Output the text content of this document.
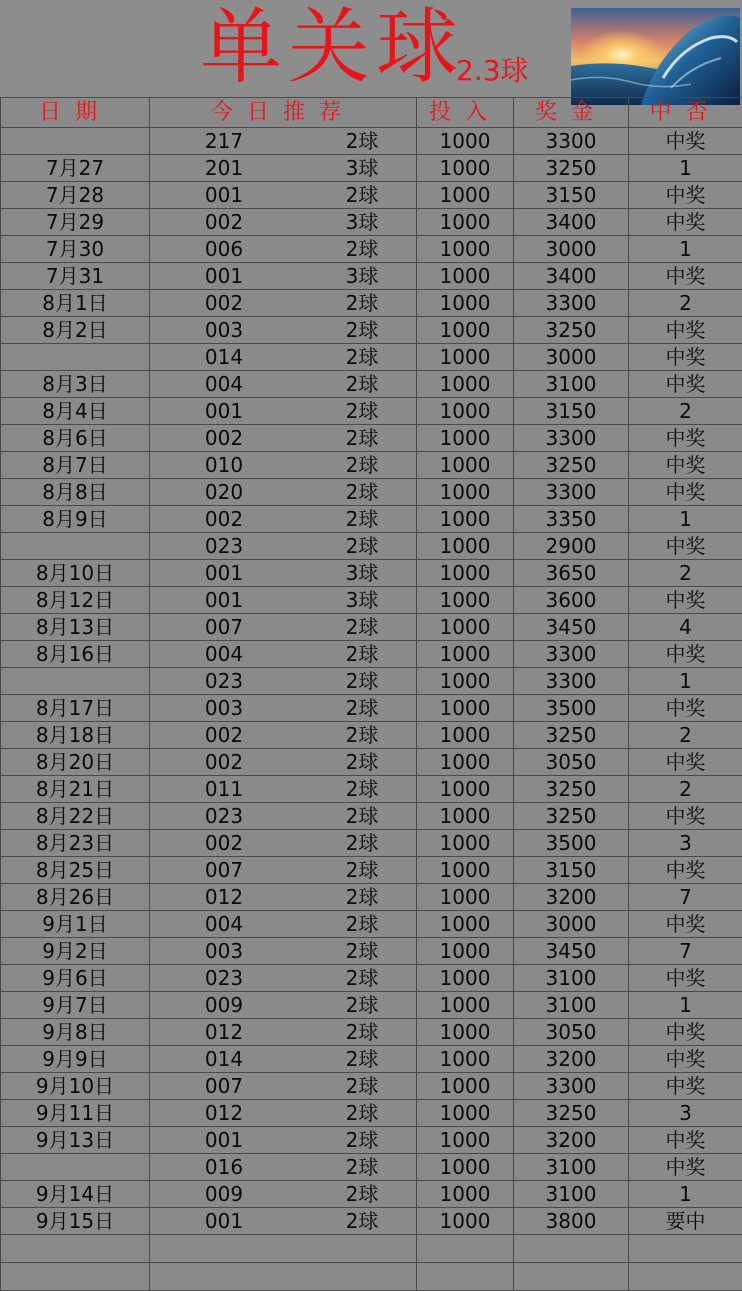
单关球
2.3球
日期	今日推荐	投入	奖金	中否

	217 2球	1000	3300	中奖
7月27	201 3球	1000	3250	1
7月28	001 2球	1000	3150	中奖
7月29	002 3球	1000	3400	中奖
7月30	006 2球	1000	3000	1
7月31	001 3球	1000	3400	中奖
8月1日	002 2球	1000	3300	2
8月2日	003 2球	1000	3250	中奖

	014 2球	1000	3000	中奖
8月3日	004 2球	1000	3100	中奖
8月4日	001 2球	1000	3150	2
8月6日	002 2球	1000	3300	中奖
8月7日	010 2球	1000	3250	中奖
8月8日	020 2球	1000	3300	中奖
8月9日	002 2球	1000	3350	1

	023 2球	1000	2900	中奖
8月10日	001 3球	1000	3650	2
8月12日	001 3球	1000	3600	中奖
8月13日	007 2球	1000	3450	4
8月16日	004 2球	1000	3300	中奖

	023 2球	1000	3300	1
8月17日	003 2球	1000	3500	中奖
8月18日	002 2球	1000	3250	2
8月20日	002 2球	1000	3050	中奖
8月21日	011 2球	1000	3250	2
8月22日	023 2球	1000	3250	中奖
8月23日	002 2球	1000	3500	3
8月25日	007 2球	1000	3150	中奖
8月26日	012 2球	1000	3200	7
9月1日	004 2球	1000	3000	中奖
9月2日	003 2球	1000	3450	7
9月6日	023 2球	1000	3100	中奖
9月7日	009 2球	1000	3100	1
9月8日	012 2球	1000	3050	中奖
9月9日	014 2球	1000	3200	中奖
9月10日	007 2球	1000	3300	中奖
9月11日	012 2球	1000	3250	3
9月13日	001 2球	1000	3200	中奖

	016 2球	1000	3100	中奖
9月14日	009 2球	1000	3100	1
9月15日	001 2球	1000	3800	要中
